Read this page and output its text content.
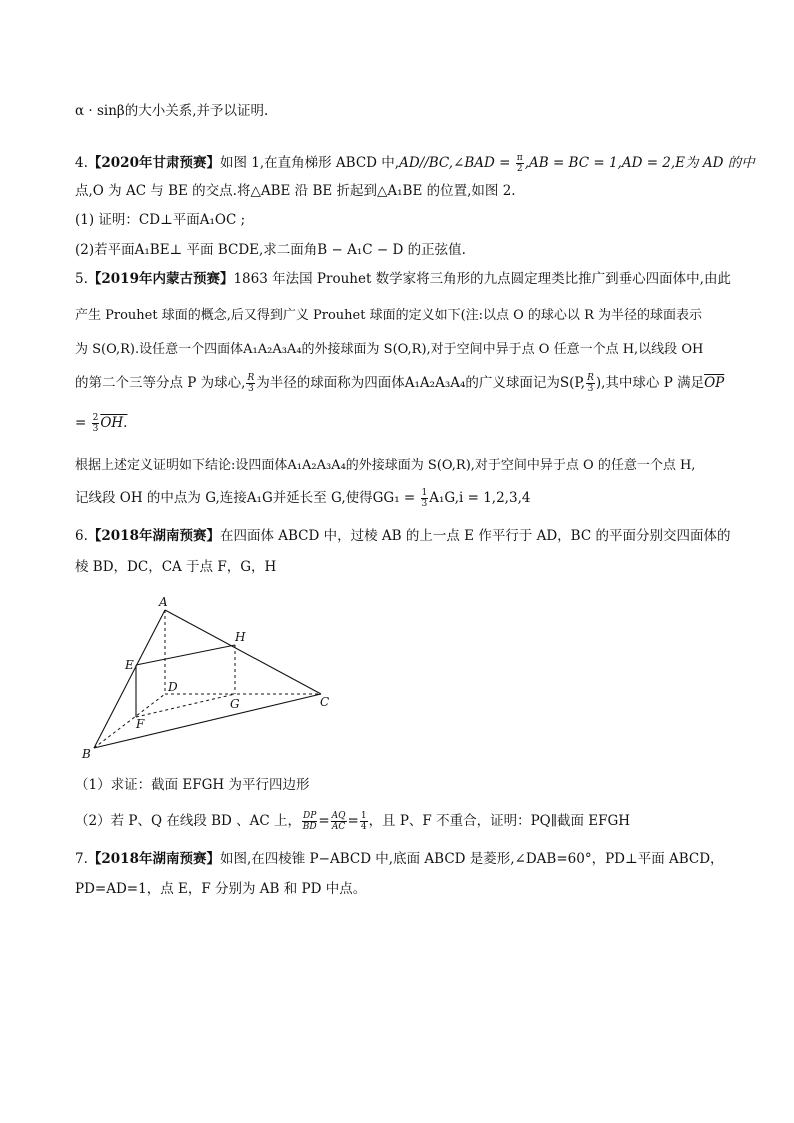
α · sinβ的大小关系,并予以证明.
4.【2020年甘肃预赛】如图 1,在直角梯形 ABCD 中,AD//BC,∠BAD = $\frac{\pi}{2} ,AB$ = BC = 1,AD = 2,E为 AD 的中
点,O 为 AC 与 BE 的交点.将△ABE 沿 BE 折起到△A₁BE 的位置,如图 2.
(1) 证明：CD⊥平面A₁OC ;
(2)若平面A₁BE⊥ 平面 BCDE,求二面角B − A₁C − D 的正弦值.
5.【2019年内蒙古预赛】1863 年法国 Prouhet 数学家将三角形的九点圆定理类比推广到垂心四面体中,由此
产生 Prouhet 球面的概念,后又得到广义 Prouhet 球面的定义如下(注:以点 O 的球心以 R 为半径的球面表示
为 S(O,R).设任意一个四面体A₁A₂A₃A₄的外接球面为 S(O,R),对于空间中异于点 O 任意一个点 H,以线段 OH
的第二个三等分点 P 为球心, $\frac{R}{3}$ 为半径的球面称为四面体A₁A₂A₃A₄的广义球面记为S(P, $\frac{R}{3}$ ),其中球心 P 满足$\overline{OP}$
= $\frac{2}{3}$ OH.
根据上述定义证明如下结论:设四面体A₁A₂A₃A₄的外接球面为 S(O,R),对于空间中异于点 O 的任意一个点 H,
记线段 OH 的中点为 G,连接A₁G并延长至 G,使得$GG_1 = \frac{1}{3} A_1G,i = 1,2,3,4$
6.【2018年湖南预赛】在四面体 ABCD 中，过棱 AB 的上一点 E 作平行于 AD，BC 的平面分别交四面体的
棱 BD，DC，CA 于点 F，G，H
A
H
E
D
G	C
F
B
（1）求证：截面 EFGH 为平行四边形
（2）若 P、Q 在线段 BD 、AC 上， $\frac{DP}{BD} = \frac{AQ}{AC} = \frac{1}{4}$ ，且 P、F 不重合，证明：PQ∥截面 EFGH
7.【2018年湖南预赛】如图,在四棱锥 P−ABCD 中,底面 ABCD 是菱形,∠DAB=60°，PD⊥平面 ABCD，
PD=AD=1，点 E，F 分别为 AB 和 PD 中点。
